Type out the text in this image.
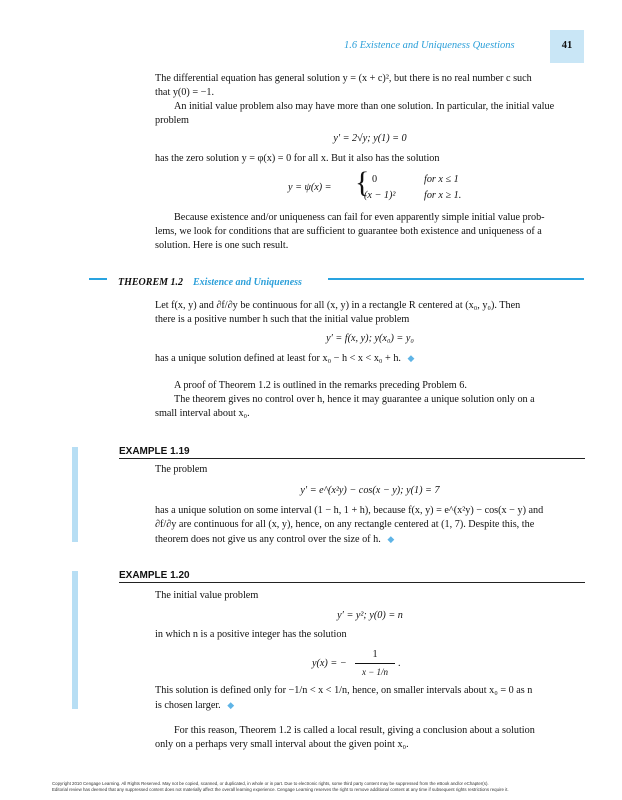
1.6 Existence and Uniqueness Questions	41
The differential equation has general solution y = (x + c)², but there is no real number c such
that y(0) = −1.
An initial value problem also may have more than one solution. In particular, the initial value
problem
y′ = 2√y; y(1) = 0
has the zero solution y = φ(x) = 0 for all x. But it also has the solution
y = ψ(x) = { 0	for x ≤ 1
(x − 1)²	for x ≥ 1.
Because existence and/or uniqueness can fail for even apparently simple initial value prob-
lems, we look for conditions that are sufficient to guarantee both existence and uniqueness of a
solution. Here is one such result.
THEOREM 1.2 Existence and Uniqueness
Let f(x, y) and ∂f/∂y be continuous for all (x, y) in a rectangle R centered at (x₀, y₀). Then
there is a positive number h such that the initial value problem
y′ = f(x, y); y(x₀) = y₀
has a unique solution defined at least for x₀ − h < x < x₀ + h. ◆
A proof of Theorem 1.2 is outlined in the remarks preceding Problem 6.
The theorem gives no control over h, hence it may guarantee a unique solution only on a
small interval about x₀.
EXAMPLE 1.19
The problem
y′ = e^(x²y) − cos(x − y); y(1) = 7
has a unique solution on some interval (1 − h, 1 + h), because f(x, y) = e^(x²y) − cos(x − y) and
∂f/∂y are continuous for all (x, y), hence, on any rectangle centered at (1, 7). Despite this, the
theorem does not give us any control over the size of h. ◆
EXAMPLE 1.20
The initial value problem
y′ = y²; y(0) = n
in which n is a positive integer has the solution
y(x) = −
1
x − 1/n
.
This solution is defined only for −1/n < x < 1/n, hence, on smaller intervals about x₀ = 0 as n
is chosen larger. ◆
For this reason, Theorem 1.2 is called a local result, giving a conclusion about a solution
only on a perhaps very small interval about the given point x₀.
Copyright 2010 Cengage Learning. All Rights Reserved. May not be copied, scanned, or duplicated, in whole or in part. Due to electronic rights, some third party content may be suppressed from the eBook and/or eChapter(s).
Editorial review has deemed that any suppressed content does not materially affect the overall learning experience. Cengage Learning reserves the right to remove additional content at any time if subsequent rights restrictions require it.
